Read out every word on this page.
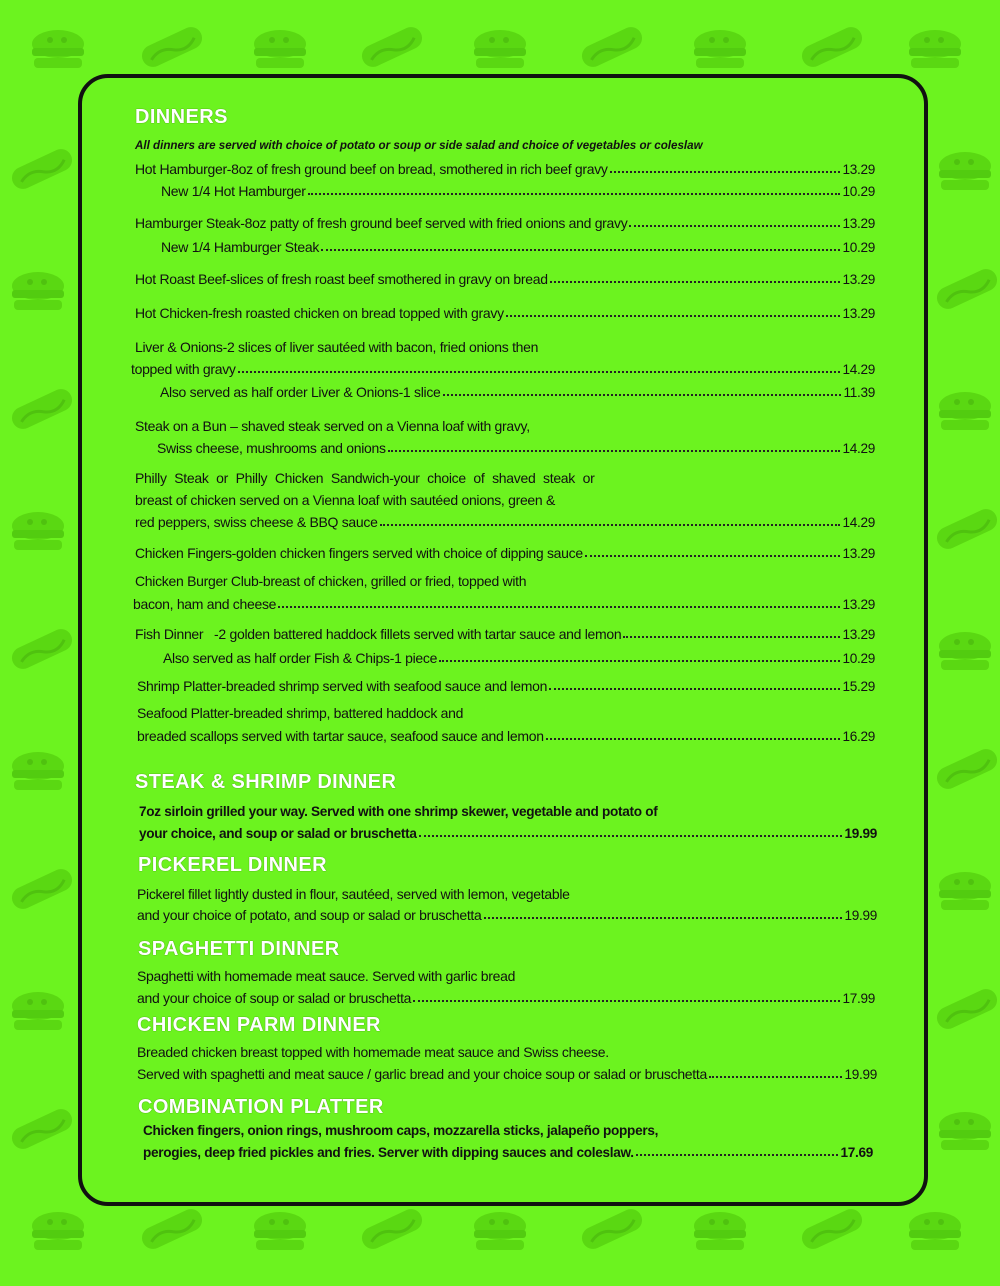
DINNERS
All dinners are served with choice of potato or soup or side salad and choice of vegetables or coleslaw
Hot Hamburger-8oz of fresh ground beef on bread, smothered in rich beef gravy	13.29
New 1/4 Hot Hamburger	10.29
Hamburger Steak-8oz patty of fresh ground beef served with fried onions and gravy	13.29
New 1/4 Hamburger Steak	10.29
Hot Roast Beef-slices of fresh roast beef smothered in gravy on bread	13.29
Hot Chicken-fresh roasted chicken on bread topped with gravy	13.29
Liver & Onions-2 slices of liver sautéed with bacon, fried onions then
topped with gravy	14.29
Also served as half order Liver & Onions-1 slice	11.39
Steak on a Bun – shaved steak served on a Vienna loaf with gravy,
Swiss cheese, mushrooms and onions	14.29
Philly Steak or Philly Chicken Sandwich-your choice of shaved steak or
breast of chicken served on a Vienna loaf with sautéed onions, green &
red peppers, swiss cheese & BBQ sauce	14.29
Chicken Fingers-golden chicken fingers served with choice of dipping sauce	13.29
Chicken Burger Club-breast of chicken, grilled or fried, topped with
bacon, ham and cheese	13.29
Fish Dinner   -2 golden battered haddock fillets served with tartar sauce and lemon	13.29
Also served as half order Fish & Chips-1 piece	10.29
Shrimp Platter-breaded shrimp served with seafood sauce and lemon	15.29
Seafood Platter-breaded shrimp, battered haddock and
breaded scallops served with tartar sauce, seafood sauce and lemon	16.29
STEAK & SHRIMP DINNER
7oz sirloin grilled your way. Served with one shrimp skewer, vegetable and potato of
your choice, and soup or salad or bruschetta	19.99
PICKEREL DINNER
Pickerel fillet lightly dusted in flour, sautéed, served with lemon, vegetable
and your choice of potato, and soup or salad or bruschetta	19.99
SPAGHETTI DINNER
Spaghetti with homemade meat sauce. Served with garlic bread
and your choice of soup or salad or bruschetta	17.99
CHICKEN PARM DINNER
Breaded chicken breast topped with homemade meat sauce and Swiss cheese.
Served with spaghetti and meat sauce / garlic bread and your choice soup or salad or bruschetta	19.99
COMBINATION PLATTER
Chicken fingers, onion rings, mushroom caps, mozzarella sticks, jalapeño poppers,
perogies, deep fried pickles and fries. Server with dipping sauces and coleslaw.	17.69
